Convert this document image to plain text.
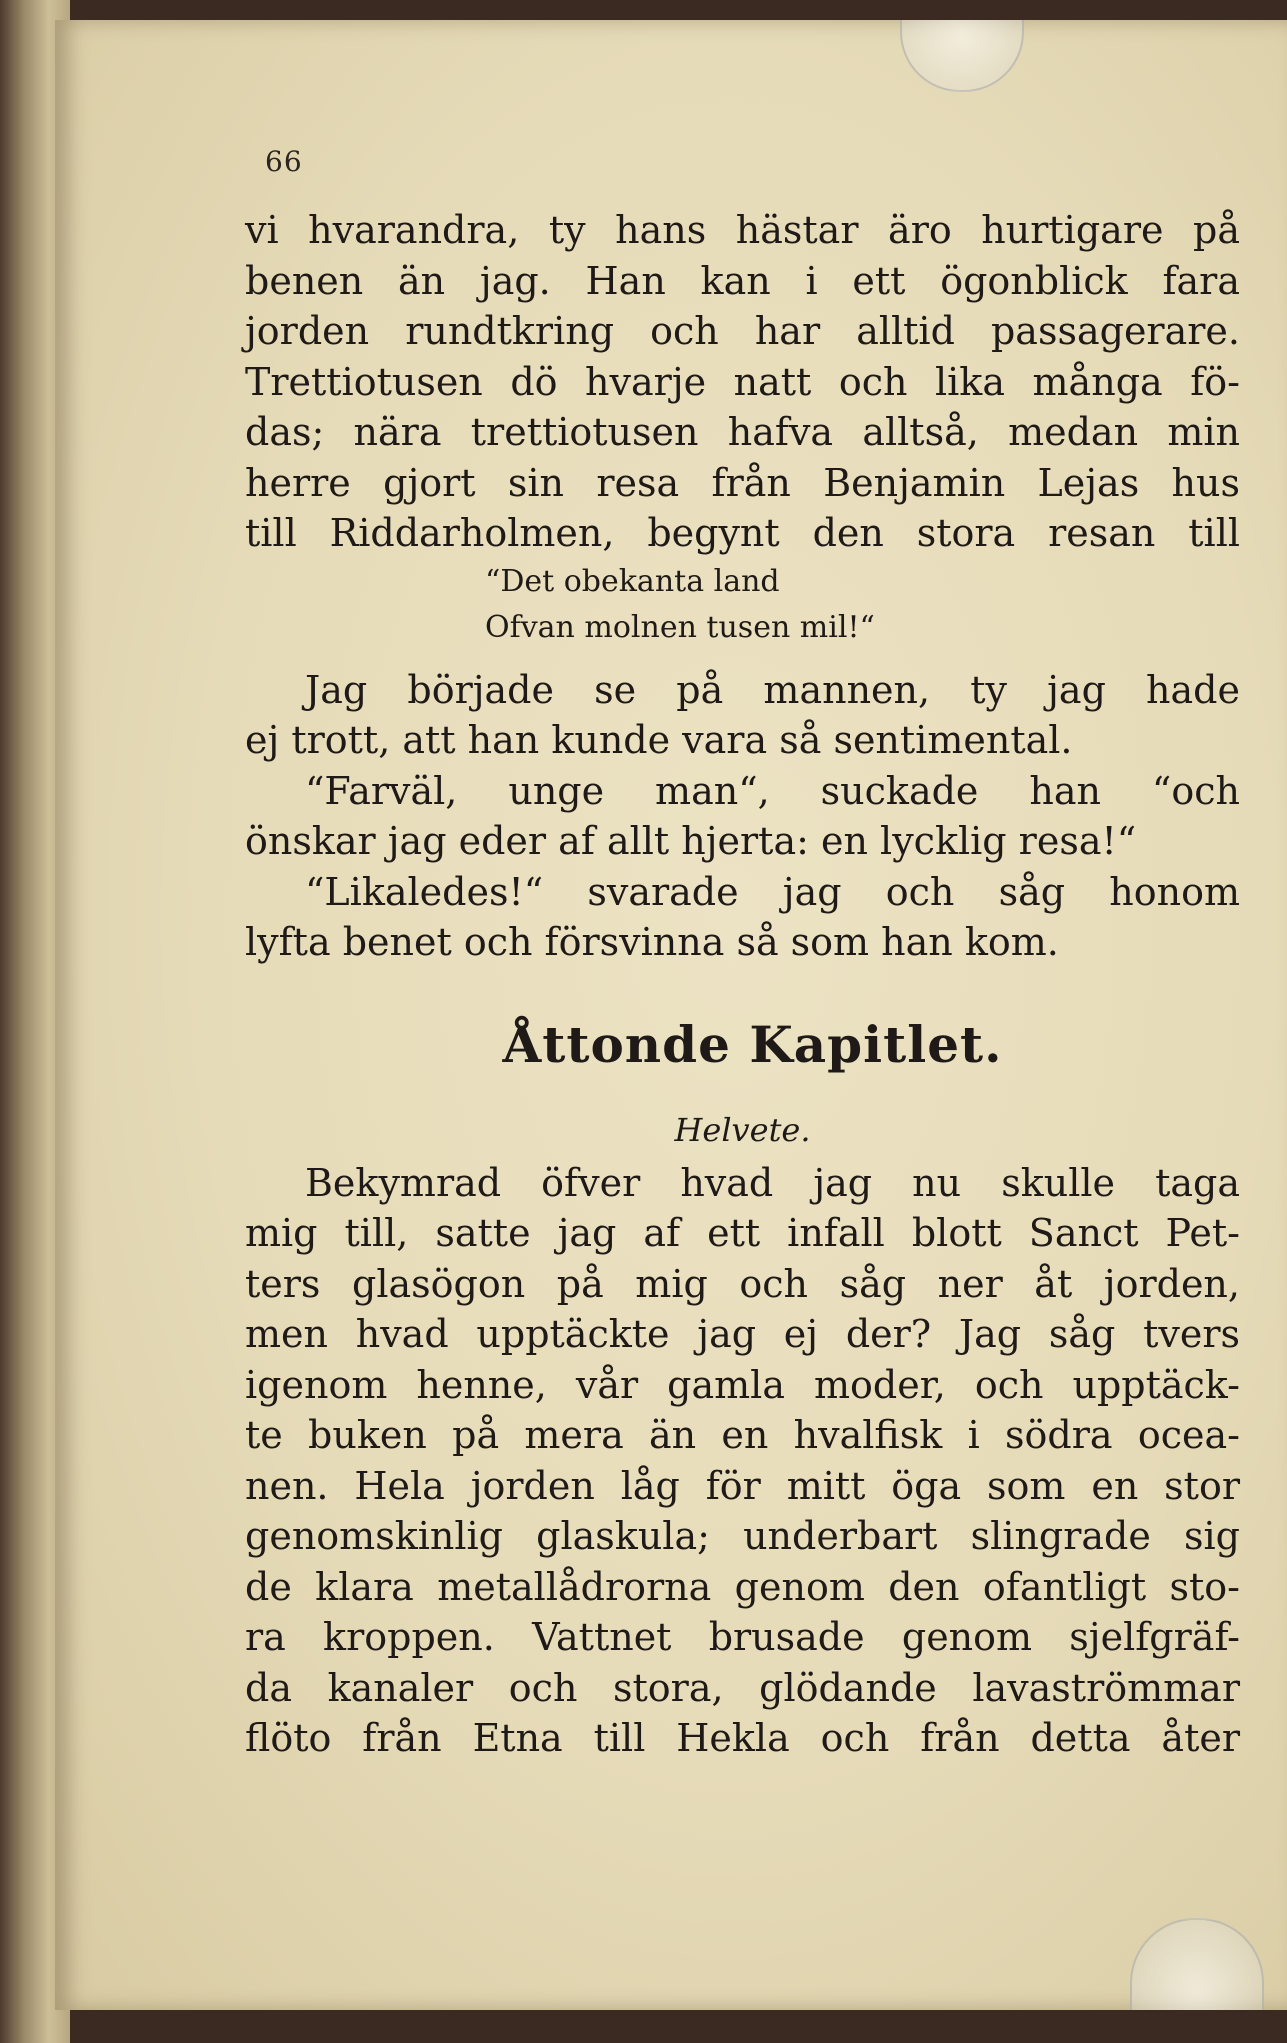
66
vi hvarandra, ty hans hästar äro hurtigare på
benen än jag. Han kan i ett ögonblick fara
jorden rundtkring och har alltid passagerare.
Trettiotusen dö hvarje natt och lika många fö-
das; nära trettiotusen hafva alltså, medan min
herre gjort sin resa från Benjamin Lejas hus
till Riddarholmen, begynt den stora resan till
“Det obekanta land
Ofvan molnen tusen mil!“
Jag började se på mannen, ty jag hade
ej trott, att han kunde vara så sentimental.
“Farväl, unge man“, suckade han “och
önskar jag eder af allt hjerta: en lycklig resa!“
“Likaledes!“ svarade jag och såg honom
lyfta benet och försvinna så som han kom.
Åttonde Kapitlet.
Helvete.
Bekymrad öfver hvad jag nu skulle taga
mig till, satte jag af ett infall blott Sanct Pet-
ters glasögon på mig och såg ner åt jorden,
men hvad upptäckte jag ej der? Jag såg tvers
igenom henne, vår gamla moder, och upptäck-
te buken på mera än en hvalfisk i södra ocea-
nen. Hela jorden låg för mitt öga som en stor
genomskinlig glaskula; underbart slingrade sig
de klara metallådrorna genom den ofantligt sto-
ra kroppen. Vattnet brusade genom sjelfgräf-
da kanaler och stora, glödande lavaströmmar
flöto från Etna till Hekla och från detta åter
